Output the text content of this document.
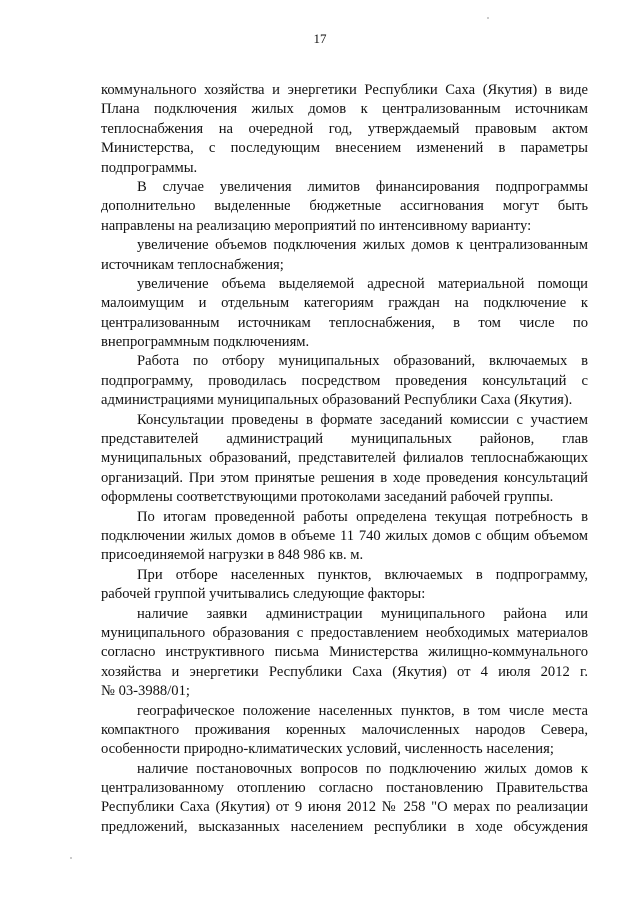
17
коммунального хозяйства и энергетики Республики Саха (Якутия) в виде
Плана подключения жилых домов к централизованным источникам
теплоснабжения на очередной год, утверждаемый правовым актом
Министерства, с последующим внесением изменений в параметры
подпрограммы.
В случае увеличения лимитов финансирования подпрограммы
дополнительно выделенные бюджетные ассигнования могут быть
направлены на реализацию мероприятий по интенсивному варианту:
увеличение объемов подключения жилых домов к централизованным
источникам теплоснабжения;
увеличение объема выделяемой адресной материальной помощи
малоимущим и отдельным категориям граждан на подключение к
централизованным источникам теплоснабжения, в том числе по
внепрограммным подключениям.
Работа по отбору муниципальных образований, включаемых в
подпрограмму, проводилась посредством проведения консультаций с
администрациями муниципальных образований Республики Саха (Якутия).
Консультации проведены в формате заседаний комиссии с участием
представителей администраций муниципальных районов, глав
муниципальных образований, представителей филиалов теплоснабжающих
организаций. При этом принятые решения в ходе проведения консультаций
оформлены соответствующими протоколами заседаний рабочей группы.
По итогам проведенной работы определена текущая потребность в
подключении жилых домов в объеме 11 740 жилых домов с общим объемом
присоединяемой нагрузки в 848 986 кв. м.
При отборе населенных пунктов, включаемых в подпрограмму,
рабочей группой учитывались следующие факторы:
наличие заявки администрации муниципального района или
муниципального образования с предоставлением необходимых материалов
согласно инструктивного письма Министерства жилищно-коммунального
хозяйства и энергетики Республики Саха (Якутия) от 4 июля 2012 г.
№ 03-3988/01;
географическое положение населенных пунктов, в том числе места
компактного проживания коренных малочисленных народов Севера,
особенности природно-климатических условий, численность населения;
наличие постановочных вопросов по подключению жилых домов к
централизованному отоплению согласно постановлению Правительства
Республики Саха (Якутия) от 9 июня 2012 № 258 "О мерах по реализации
предложений, высказанных населением республики в ходе обсуждения
